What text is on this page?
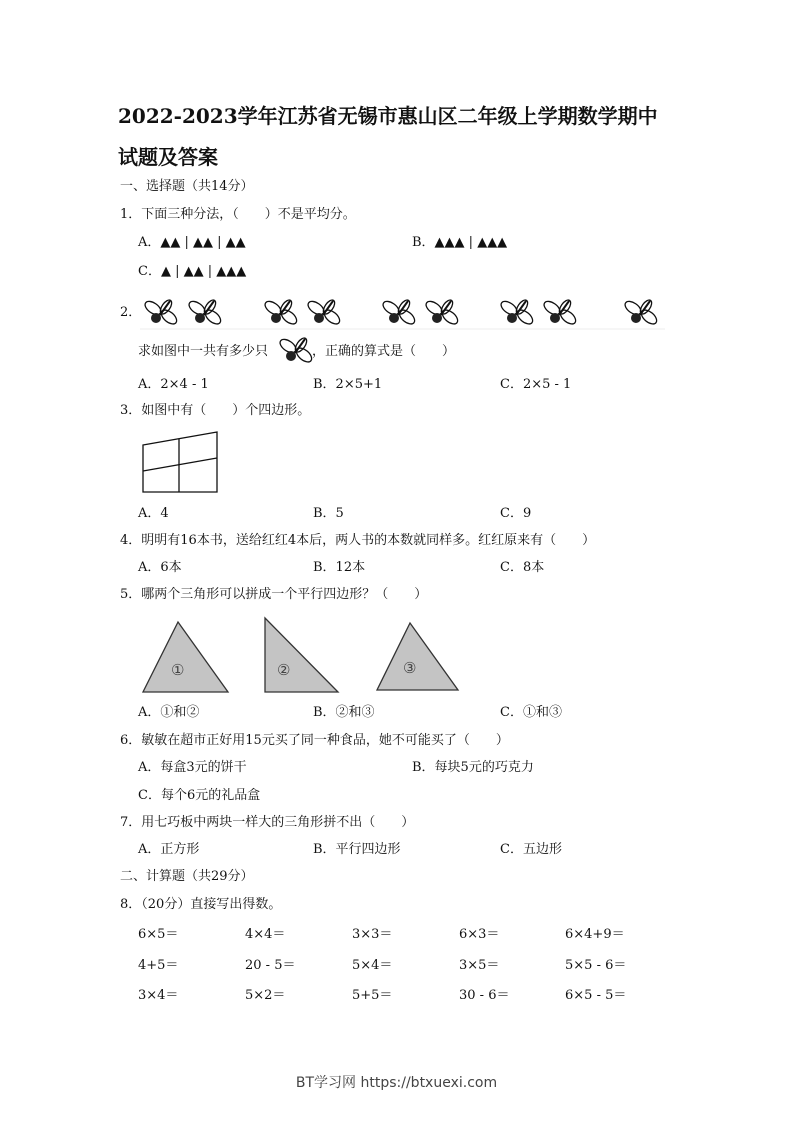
2022-2023学年江苏省无锡市惠山区二年级上学期数学期中
试题及答案
一、选择题（共14分）
1．下面三种分法，（　　）不是平均分。
A．▲▲ | ▲▲ | ▲▲	B．▲▲▲ | ▲▲▲
C．▲ | ▲▲ | ▲▲▲
2．
①	②	③
求如图中一共有多少只	，正确的算式是（　　）
A．2×4 - 1	B．2×5+1	C．2×5 - 1
3．如图中有（　　）个四边形。
A．4	B．5	C．9
4．明明有16本书，送给红红4本后，两人书的本数就同样多。红红原来有（　　）
A．6本	B．12本	C．8本
5．哪两个三角形可以拼成一个平行四边形？（　　）
A．①和②	B．②和③	C．①和③
6．敏敏在超市正好用15元买了同一种食品，她不可能买了（　　）
A．每盒3元的饼干	B．每块5元的巧克力
C．每个6元的礼品盒
7．用七巧板中两块一样大的三角形拼不出（　　）
A．正方形	B．平行四边形	C．五边形
二、计算题（共29分）
8．（20分）直接写出得数。
6×5＝	4×4＝	3×3＝	6×3＝	6×4+9＝
4+5＝	20 - 5＝	5×4＝	3×5＝	5×5 - 6＝
3×4＝	5×2＝	5+5＝	30 - 6＝	6×5 - 5＝
BT学习网 https://btxuexi.com
